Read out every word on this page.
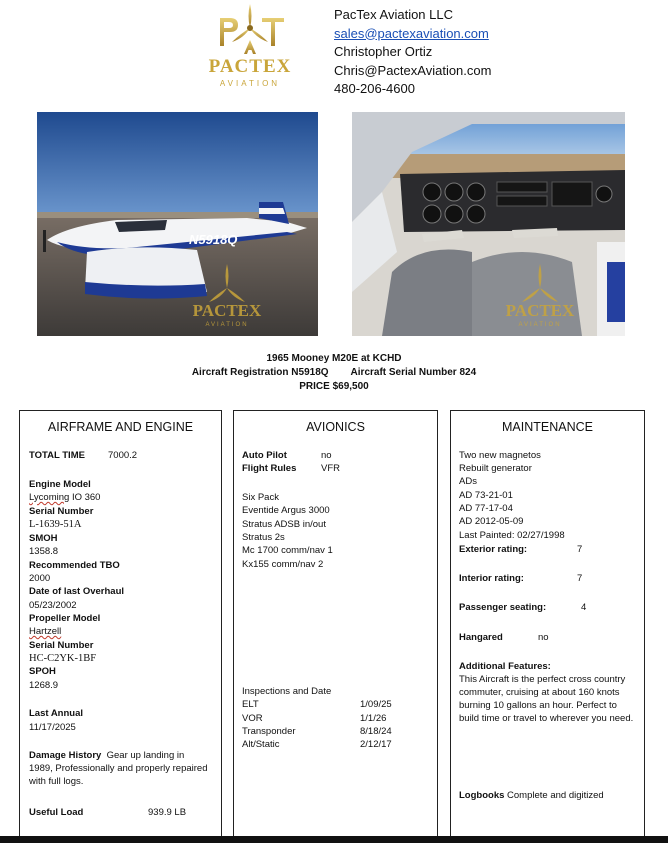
PACTEX
AVIATION
PacTex Aviation LLC
sales@pactexaviation.com
Christopher Ortiz
Chris@PactexAviation.com
480-206-4600
N5918Q
PACTEX
AVIATION
PACTEX
AVIATION
1965 Mooney M20E at KCHD
Aircraft Registration N5918Q Aircraft Serial Number 824
PRICE $69,500
AIRFRAME AND ENGINE
TOTAL TIME 7000.2
Engine Model
Lycoming IO 360
Serial Number
L-1639-51A
SMOH
1358.8
Recommended TBO
2000
Date of last Overhaul
05/23/2002
Propeller Model
Hartzell
Serial Number
HC-C2YK-1BF
SPOH
1268.9
Last Annual
11/17/2025
Damage History Gear up landing in 1989, Professionally and properly repaired with full logs.
Useful Load	939.9 LB
AVIONICS
Auto Pilot	no
Flight Rules	VFR
Six Pack
Eventide Argus 3000
Stratus ADSB in/out
Stratus 2s
Mc 1700 comm/nav 1
Kx155 comm/nav 2
Inspections and Date
ELT	1/09/25
VOR	1/1/26
Transponder	8/18/24
Alt/Static	2/12/17
MAINTENANCE
Two new magnetos
Rebuilt generator
ADs
AD 73-21-01
AD 77-17-04
AD 2012-05-09
Last Painted: 02/27/1998
Exterior rating:	7
Interior rating:	7
Passenger seating:	4
Hangared	no
Additional Features:
This Aircraft is the perfect cross country commuter, cruising at about 160 knots burning 10 gallons an hour. Perfect to build time or travel to wherever you need.
Logbooks Complete and digitized
